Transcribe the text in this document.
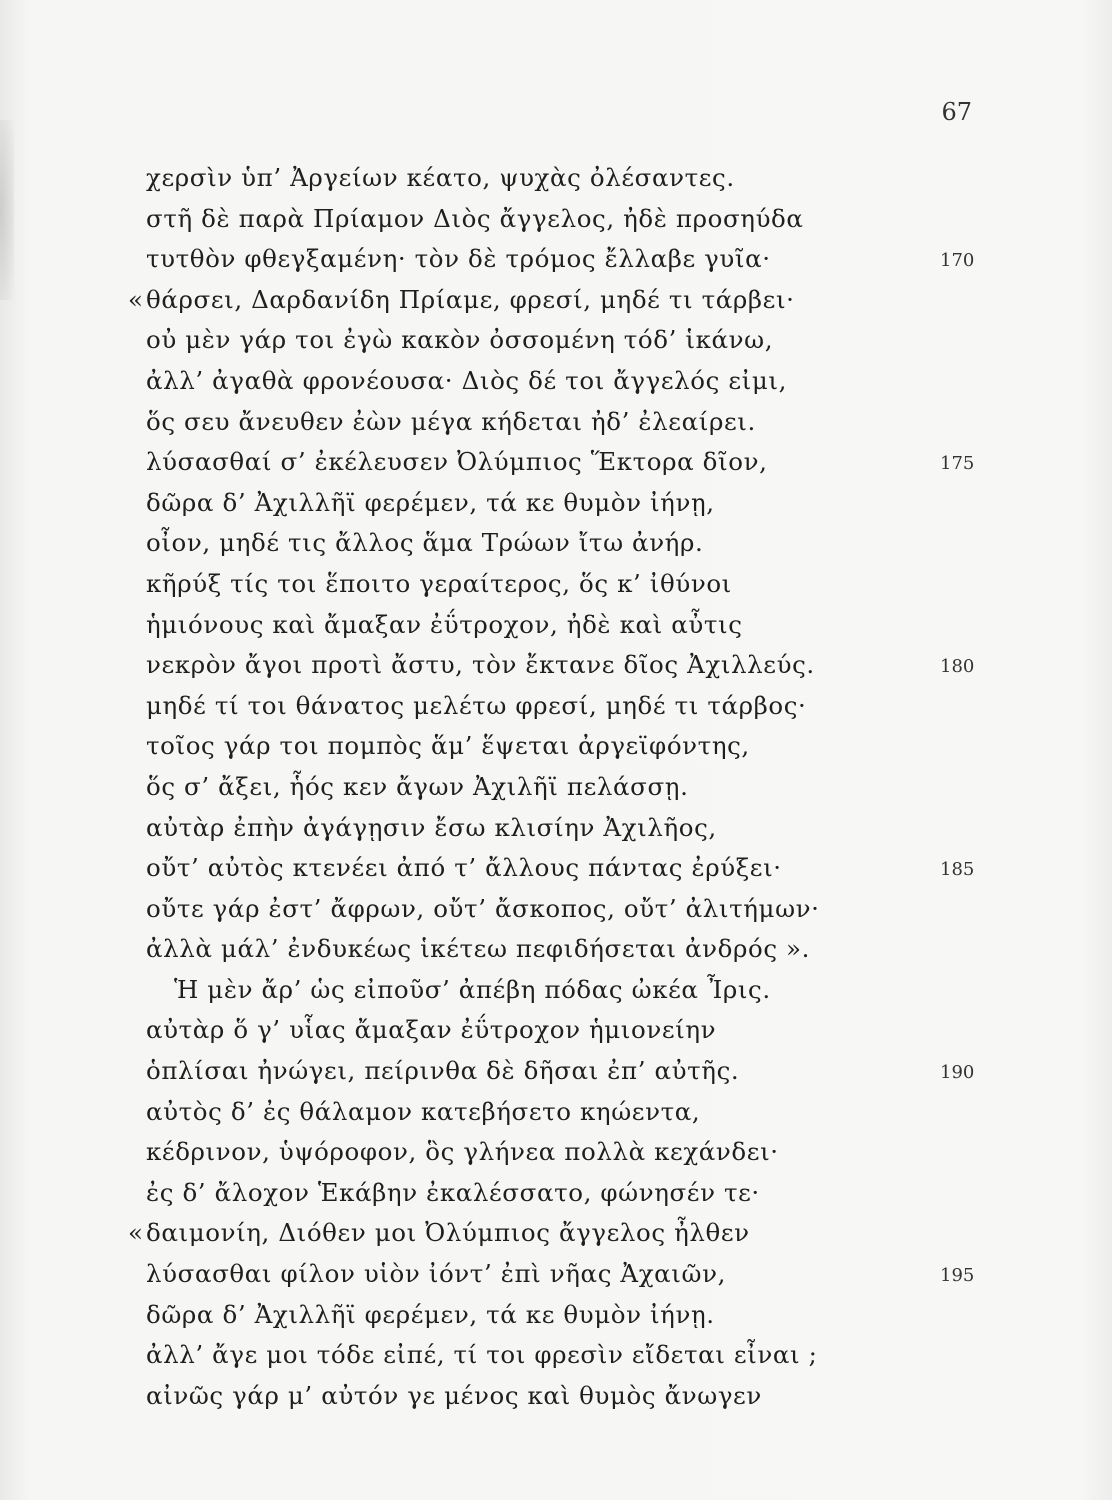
67
χερσὶν ὑπ’ Ἀργείων κέατο, ψυχὰς ὀλέσαντες.
στῆ δὲ παρὰ Πρίαμον Διὸς ἄγγελος, ἠδὲ προσηύδα
τυτθὸν φθεγξαμένη· τὸν δὲ τρόμος ἔλλαβε γυῖα·	170
« θάρσει, Δαρδανίδη Πρίαμε, φρεσί, μηδέ τι τάρβει·
οὐ μὲν γάρ τοι ἐγὼ κακὸν ὀσσομένη τόδ’ ἱκάνω,
ἀλλ’ ἀγαθὰ φρονέουσα· Διὸς δέ τοι ἄγγελός εἰμι,
ὅς σευ ἄνευθεν ἐὼν μέγα κήδεται ἠδ’ ἐλεαίρει.
λύσασθαί σ’ ἐκέλευσεν Ὀλύμπιος Ἕκτορα δῖον,	175
δῶρα δ’ Ἀχιλλῆϊ φερέμεν, τά κε θυμὸν ἰήνῃ,
οἶον, μηδέ τις ἄλλος ἅμα Τρώων ἴτω ἀνήρ.
κῆρύξ τίς τοι ἕποιτο γεραίτερος, ὅς κ’ ἰθύνοι
ἡμιόνους καὶ ἄμαξαν ἐΰτροχον, ἠδὲ καὶ αὖτις
νεκρὸν ἄγοι προτὶ ἄστυ, τὸν ἔκτανε δῖος Ἀχιλλεύς.	180
μηδέ τί τοι θάνατος μελέτω φρεσί, μηδέ τι τάρβος·
τοῖος γάρ τοι πομπὸς ἅμ’ ἕψεται ἀργεϊφόντης,
ὅς σ’ ἄξει, ἧός κεν ἄγων Ἀχιλῆϊ πελάσσῃ.
αὐτὰρ ἐπὴν ἀγάγῃσιν ἔσω κλισίην Ἀχιλῆος,
οὔτ’ αὐτὸς κτενέει ἀπό τ’ ἄλλους πάντας ἐρύξει·	185
οὔτε γάρ ἐστ’ ἄφρων, οὔτ’ ἄσκοπος, οὔτ’ ἀλιτήμων·
ἀλλὰ μάλ’ ἐνδυκέως ἱκέτεω πεφιδήσεται ἀνδρός ».
Ἡ μὲν ἄρ’ ὡς εἰποῦσ’ ἀπέβη πόδας ὠκέα Ἶρις.
αὐτὰρ ὅ γ’ υἷας ἄμαξαν ἐΰτροχον ἡμιονείην
ὁπλίσαι ἠνώγει, πείρινθα δὲ δῆσαι ἐπ’ αὐτῆς.	190
αὐτὸς δ’ ἐς θάλαμον κατεβήσετο κηώεντα,
κέδρινον, ὑψόροφον, ὃς γλήνεα πολλὰ κεχάνδει·
ἐς δ’ ἄλοχον Ἑκάβην ἐκαλέσσατο, φώνησέν τε·
« δαιμονίη, Διόθεν μοι Ὀλύμπιος ἄγγελος ἦλθεν
λύσασθαι φίλον υἱὸν ἰόντ’ ἐπὶ νῆας Ἀχαιῶν,	195
δῶρα δ’ Ἀχιλλῆϊ φερέμεν, τά κε θυμὸν ἰήνῃ.
ἀλλ’ ἄγε μοι τόδε εἰπέ, τί τοι φρεσὶν εἴδεται εἶναι ;
αἰνῶς γάρ μ’ αὐτόν γε μένος καὶ θυμὸς ἄνωγεν
